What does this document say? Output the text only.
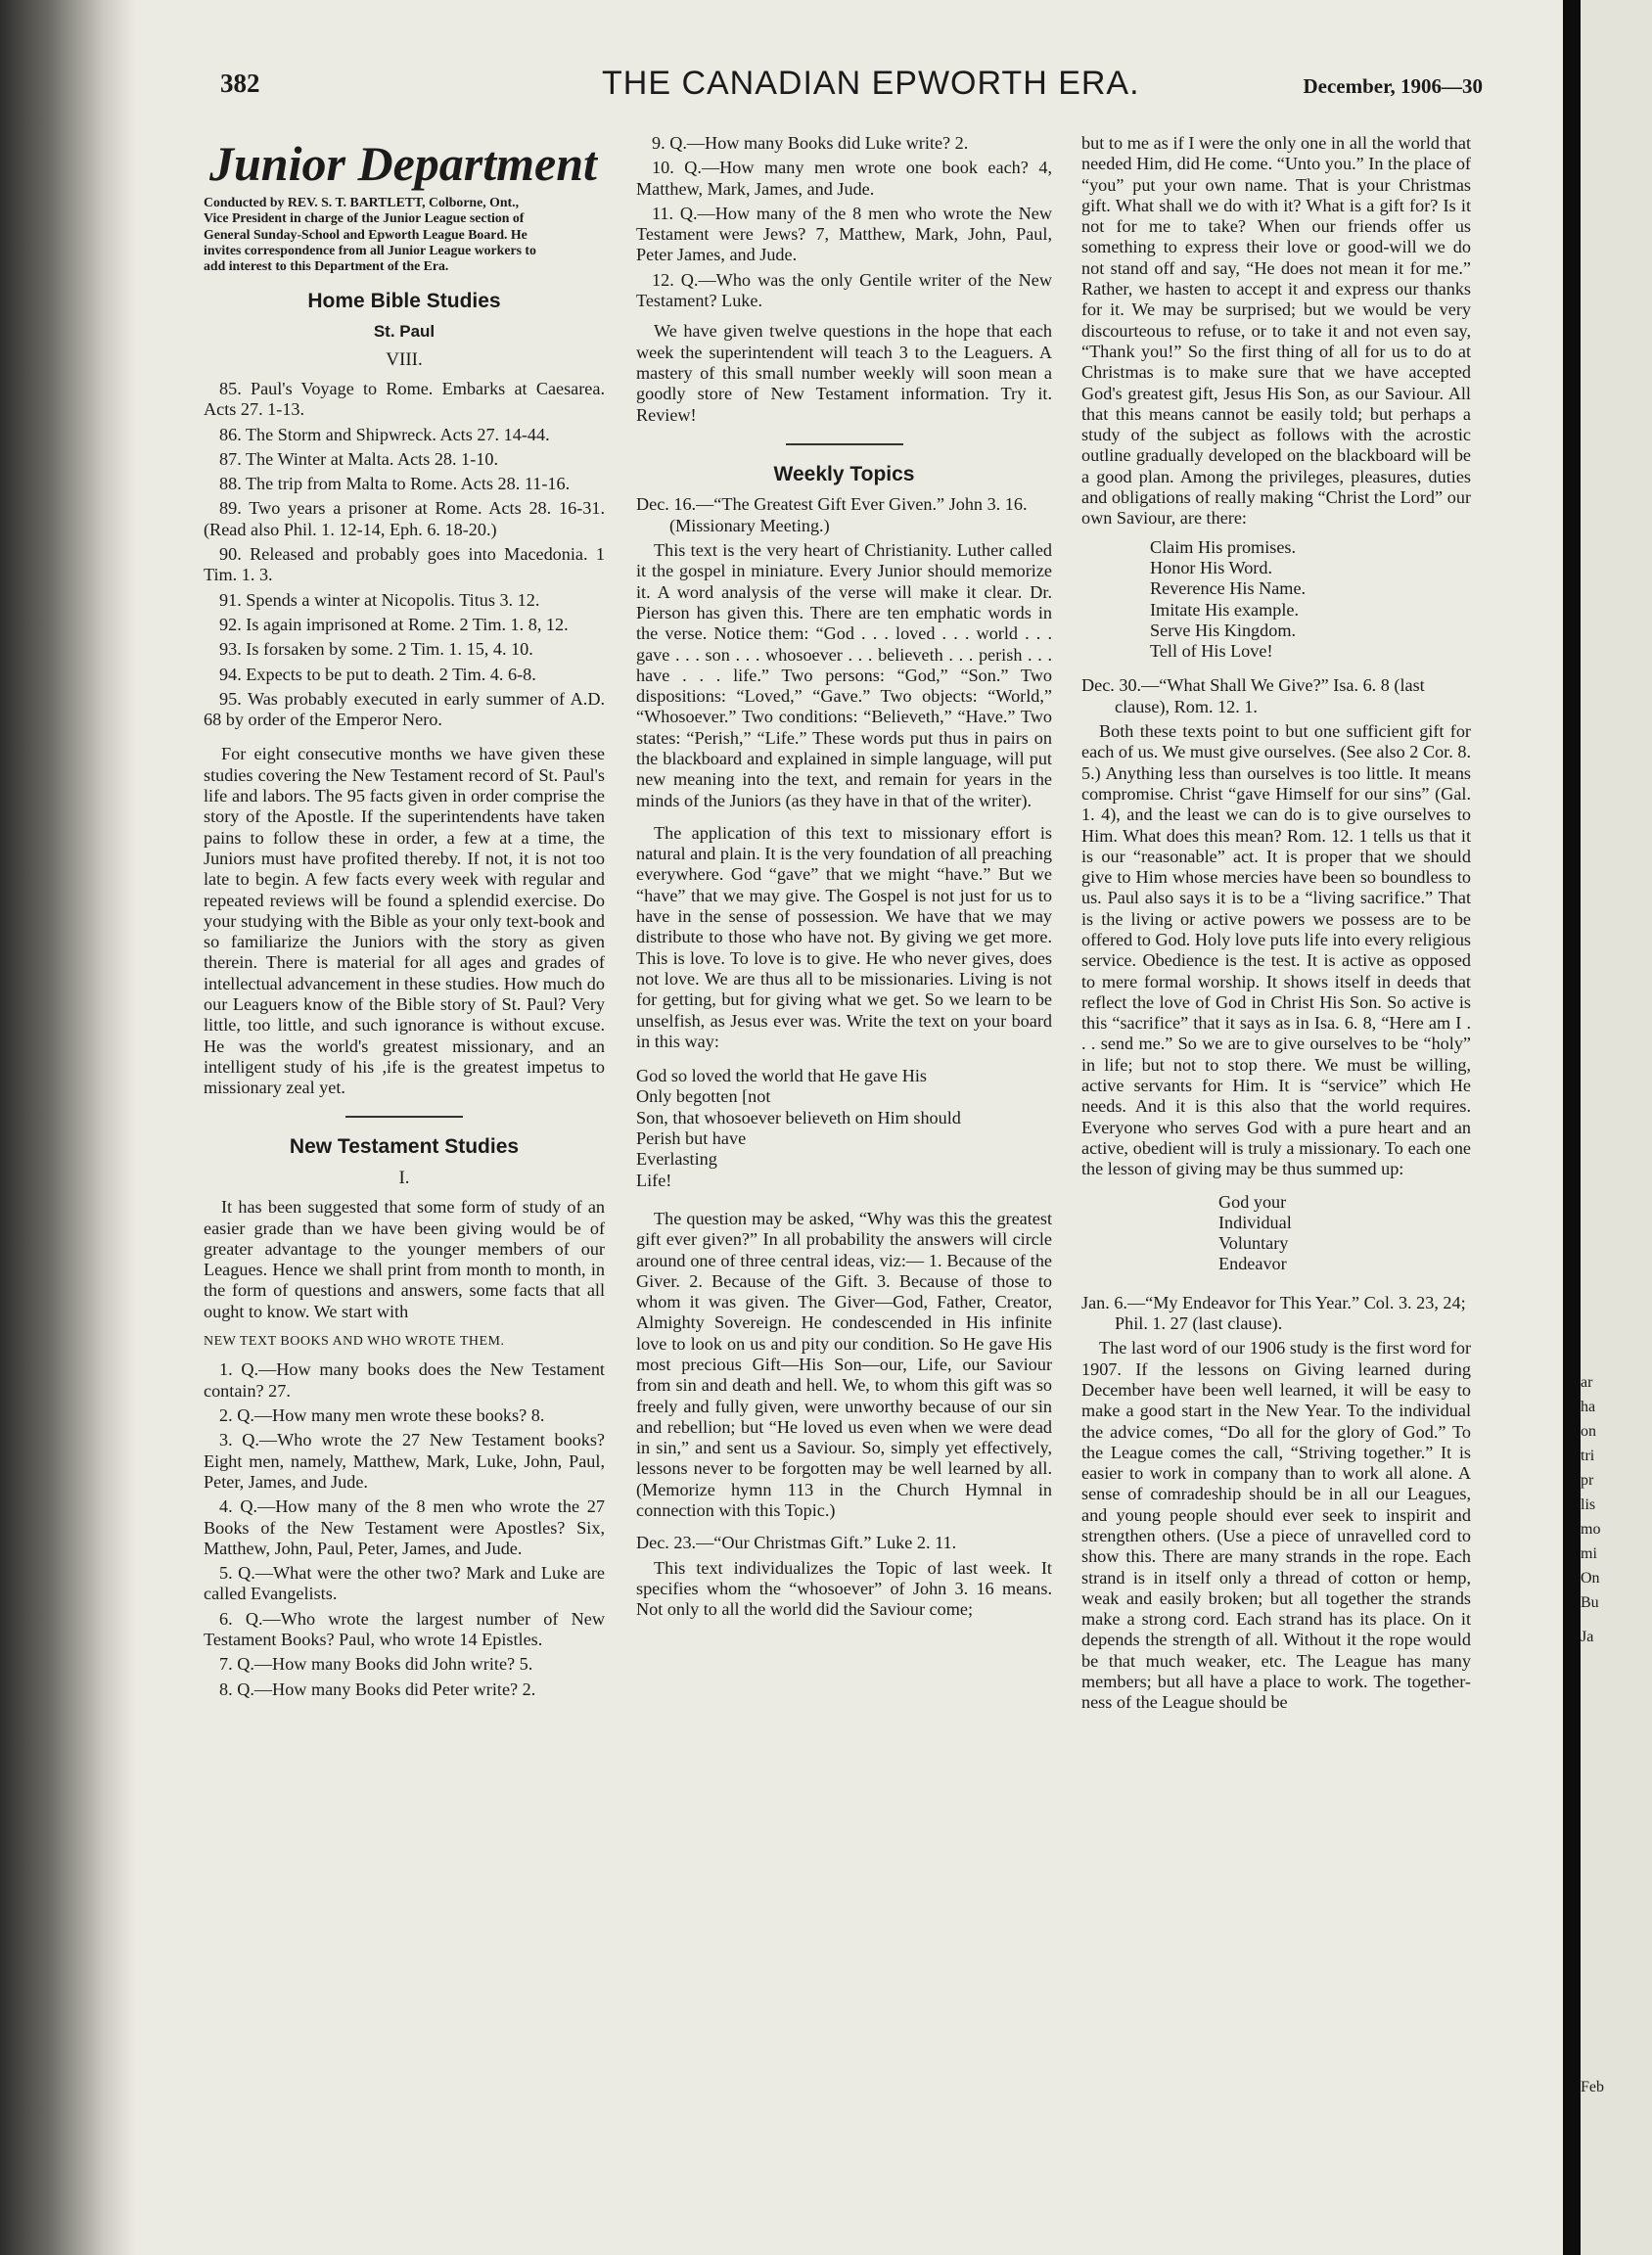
382	THE CANADIAN EPWORTH ERA.	December, 1906—30
Junior Department
Conducted by REV. S. T. BARTLETT, Colborne, Ont.,
Vice President in charge of the Junior League section of
General Sunday-School and Epworth League Board. He
invites correspondence from all Junior League workers to
add interest to this Department of the Era.
Home Bible Studies
St. Paul
VIII.

85. Paul's Voyage to Rome. Embarks at Caesarea. Acts 27. 1-13.

86. The Storm and Shipwreck. Acts 27. 14-44.

87. The Winter at Malta. Acts 28. 1-10.

88. The trip from Malta to Rome. Acts 28. 11-16.

89. Two years a prisoner at Rome. Acts 28. 16-31. (Read also Phil. 1. 12-14, Eph. 6. 18-20.)

90. Released and probably goes into Macedonia. 1 Tim. 1. 3.

91. Spends a winter at Nicopolis. Titus 3. 12.

92. Is again imprisoned at Rome. 2 Tim. 1. 8, 12.

93. Is forsaken by some. 2 Tim. 1. 15, 4. 10.

94. Expects to be put to death. 2 Tim. 4. 6-8.

95. Was probably executed in early summer of A.D. 68 by order of the Emperor Nero.

For eight consecutive months we have given these studies covering the New Testament record of St. Paul's life and labors. The 95 facts given in order comprise the story of the Apostle. If the superintendents have taken pains to follow these in order, a few at a time, the Juniors must have profited thereby. If not, it is not too late to begin. A few facts every week with regular and repeated reviews will be found a splendid exercise. Do your studying with the Bible as your only text-book and so familiarize the Juniors with the story as given therein. There is material for all ages and grades of intellectual advancement in these studies. How much do our Leaguers know of the Bible story of St. Paul? Very little, too little, and such ignorance is without excuse. He was the world's greatest missionary, and an intelligent study of his ,ife is the greatest impetus to missionary zeal yet.

New Testament Studies
I.

It has been suggested that some form of study of an easier grade than we have been giving would be of greater advantage to the younger members of our Leagues. Hence we shall print from month to month, in the form of questions and answers, some facts that all ought to know. We start with

NEW TEXT BOOKS AND WHO WROTE THEM.

1. Q.—How many books does the New Testament contain? 27.

2. Q.—How many men wrote these books? 8.

3. Q.—Who wrote the 27 New Testament books? Eight men, namely, Matthew, Mark, Luke, John, Paul, Peter, James, and Jude.

4. Q.—How many of the 8 men who wrote the 27 Books of the New Testament were Apostles? Six, Matthew, John, Paul, Peter, James, and Jude.

5. Q.—What were the other two? Mark and Luke are called Evangelists.

6. Q.—Who wrote the largest number of New Testament Books? Paul, who wrote 14 Epistles.

7. Q.—How many Books did John write? 5.

8. Q.—How many Books did Peter write? 2.

9. Q.—How many Books did Luke write? 2.

10. Q.—How many men wrote one book each? 4, Matthew, Mark, James, and Jude.

11. Q.—How many of the 8 men who wrote the New Testament were Jews? 7, Matthew, Mark, John, Paul, Peter James, and Jude.

12. Q.—Who was the only Gentile writer of the New Testament? Luke.

We have given twelve questions in the hope that each week the superintendent will teach 3 to the Leaguers. A mastery of this small number weekly will soon mean a goodly store of New Testament information. Try it. Review!

Weekly Topics

Dec. 16.—“The Greatest Gift Ever Given.” John 3. 16. (Missionary Meeting.)

This text is the very heart of Christianity. Luther called it the gospel in miniature. Every Junior should memorize it. A word analysis of the verse will make it clear. Dr. Pierson has given this. There are ten emphatic words in the verse. Notice them: “God . . . loved . . . world . . . gave . . . son . . . whosoever . . . believeth . . . perish . . . have . . . life.” Two persons: “God,” “Son.” Two dispositions: “Loved,” “Gave.” Two objects: “World,” “Whosoever.” Two conditions: “Believeth,” “Have.” Two states: “Perish,” “Life.” These words put thus in pairs on the blackboard and explained in simple language, will put new meaning into the text, and remain for years in the minds of the Juniors (as they have in that of the writer).

The application of this text to missionary effort is natural and plain. It is the very foundation of all preaching everywhere. God “gave” that we might “have.” But we “have” that we may give. The Gospel is not just for us to have in the sense of possession. We have that we may distribute to those who have not. By giving we get more. This is love. To love is to give. He who never gives, does not love. We are thus all to be missionaries. Living is not for getting, but for giving what we get. So we learn to be unselfish, as Jesus ever was. Write the text on your board in this way:

God so loved the world that He gave His
Only begotten [not
Son, that whosoever believeth on Him should
Perish but have
Everlasting
Life!

The question may be asked, “Why was this the greatest gift ever given?” In all probability the answers will circle around one of three central ideas, viz:— 1. Because of the Giver. 2. Because of the Gift. 3. Because of those to whom it was given. The Giver—God, Father, Creator, Almighty Sovereign. He condescended in His infinite love to look on us and pity our condition. So He gave His most precious Gift—His Son—our, Life, our Saviour from sin and death and hell. We, to whom this gift was so freely and fully given, were unworthy because of our sin and rebellion; but “He loved us even when we were dead in sin,” and sent us a Saviour. So, simply yet effectively, lessons never to be forgotten may be well learned by all. (Memorize hymn 113 in the Church Hymnal in connection with this Topic.)

Dec. 23.—“Our Christmas Gift.” Luke 2. 11.

This text individualizes the Topic of last week. It specifies whom the “whosoever” of John 3. 16 means. Not only to all the world did the Saviour come;

but to me as if I were the only one in all the world that needed Him, did He come. “Unto you.” In the place of “you” put your own name. That is your Christmas gift. What shall we do with it? What is a gift for? Is it not for me to take? When our friends offer us something to express their love or good-will we do not stand off and say, “He does not mean it for me.” Rather, we hasten to accept it and express our thanks for it. We may be surprised; but we would be very discourteous to refuse, or to take it and not even say, “Thank you!” So the first thing of all for us to do at Christmas is to make sure that we have accepted God's greatest gift, Jesus His Son, as our Saviour. All that this means cannot be easily told; but perhaps a study of the subject as follows with the acrostic outline gradually developed on the blackboard will be a good plan. Among the privileges, pleasures, duties and obligations of really making “Christ the Lord” our own Saviour, are there:

Claim His promises.
Honor His Word.
Reverence His Name.
Imitate His example.
Serve His Kingdom.
Tell of His Love!

Dec. 30.—“What Shall We Give?” Isa. 6. 8 (last clause), Rom. 12. 1.

Both these texts point to but one sufficient gift for each of us. We must give ourselves. (See also 2 Cor. 8. 5.) Anything less than ourselves is too little. It means compromise. Christ “gave Himself for our sins” (Gal. 1. 4), and the least we can do is to give ourselves to Him. What does this mean? Rom. 12. 1 tells us that it is our “reasonable” act. It is proper that we should give to Him whose mercies have been so boundless to us. Paul also says it is to be a “living sacrifice.” That is the living or active powers we possess are to be offered to God. Holy love puts life into every religious service. Obedience is the test. It is active as opposed to mere formal worship. It shows itself in deeds that reflect the love of God in Christ His Son. So active is this “sacrifice” that it says as in Isa. 6. 8, “Here am I . . . send me.” So we are to give ourselves to be “holy” in life; but not to stop there. We must be willing, active servants for Him. It is “service” which He needs. And it is this also that the world requires. Everyone who serves God with a pure heart and an active, obedient will is truly a missionary. To each one the lesson of giving may be thus summed up:

God your
Individual
Voluntary
Endeavor

Jan. 6.—“My Endeavor for This Year.” Col. 3. 23, 24; Phil. 1. 27 (last clause).

The last word of our 1906 study is the first word for 1907. If the lessons on Giving learned during December have been well learned, it will be easy to make a good start in the New Year. To the individual the advice comes, “Do all for the glory of God.” To the League comes the call, “Striving together.” It is easier to work in company than to work all alone. A sense of comradeship should be in all our Leagues, and young people should ever seek to inspirit and strengthen others. (Use a piece of unravelled cord to show this. There are many strands in the rope. Each strand is in itself only a thread of cotton or hemp, weak and easily broken; but all together the strands make a strong cord. Each strand has its place. On it depends the strength of all. Without it the rope would be that much weaker, etc. The League has many members; but all have a place to work. The together-ness of the League should be

ar
ha
on
tri
pr
lis
mo
mi
On
Bu
Ja
Feb
